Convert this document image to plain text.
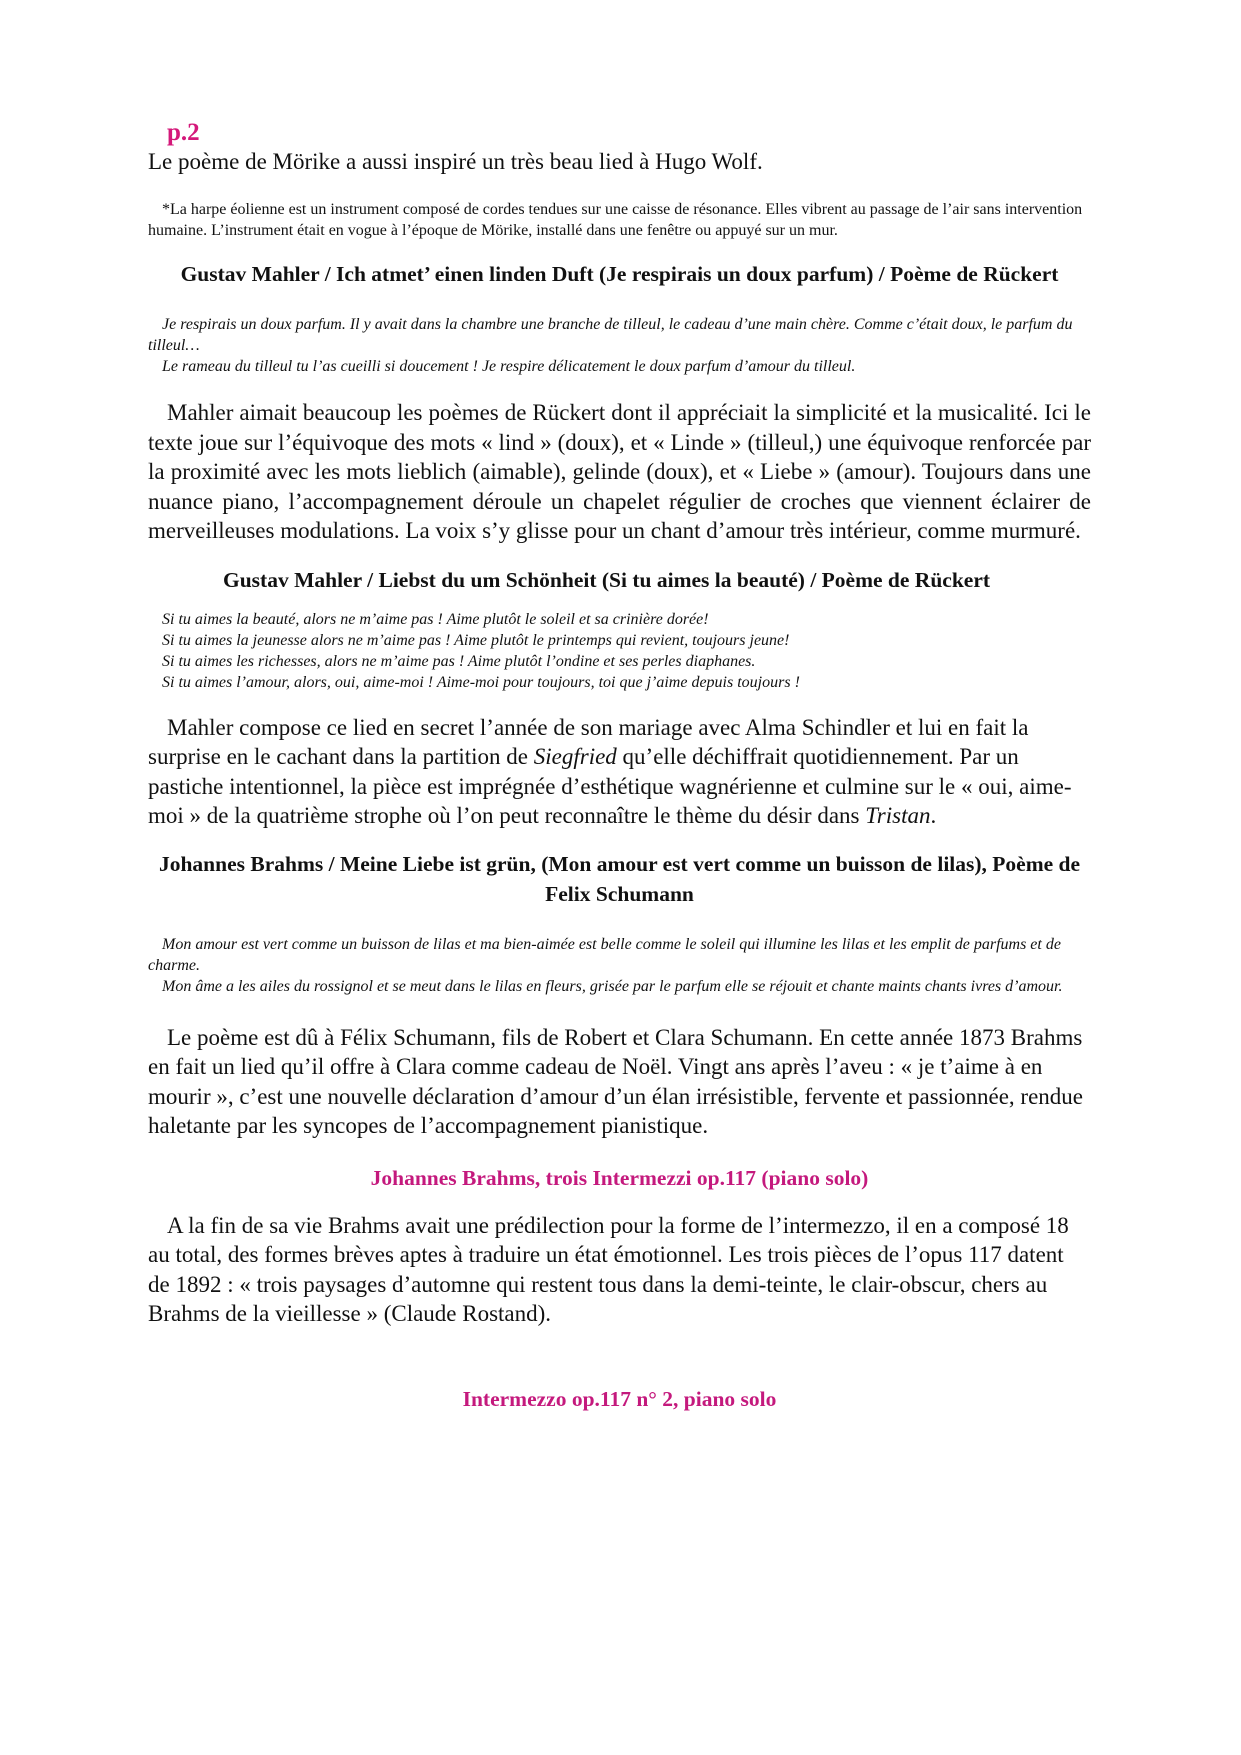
p.2

Le poème de Mörike a aussi inspiré un très beau lied à Hugo Wolf.

*La harpe éolienne est un instrument composé de cordes tendues sur une caisse de résonance. Elles vibrent au passage de l’air sans intervention humaine. L’instrument était en vogue à l’époque de Mörike, installé dans une fenêtre ou appuyé sur un mur.

Gustav Mahler / Ich atmet’ einen linden Duft (Je respirais un doux parfum) / Poème de Rückert

Je respirais un doux parfum. Il y avait dans la chambre une branche de tilleul, le cadeau d’une main chère. Comme c’était doux, le parfum du tilleul…

Le rameau du tilleul tu l’as cueilli si doucement ! Je respire délicatement le doux parfum d’amour du tilleul.

Mahler aimait beaucoup les poèmes de Rückert dont il appréciait la simplicité et la musicalité. Ici le texte joue sur l’équivoque des mots « lind » (doux), et « Linde » (tilleul,) une équivoque renforcée par la proximité avec les mots lieblich (aimable), gelinde (doux), et « Liebe » (amour). Toujours dans une nuance piano, l’accompagnement déroule un chapelet régulier de croches que viennent éclairer de merveilleuses modulations. La voix s’y glisse pour un chant d’amour très intérieur, comme murmuré.

Gustav Mahler / Liebst du um Schönheit (Si tu aimes la beauté) / Poème de Rückert

Si tu aimes la beauté, alors ne m’aime pas ! Aime plutôt le soleil et sa crinière dorée!

Si tu aimes la jeunesse alors ne m’aime pas ! Aime plutôt le printemps qui revient, toujours jeune!

Si tu aimes les richesses, alors ne m’aime pas ! Aime plutôt l’ondine et ses perles diaphanes.

Si tu aimes l’amour, alors, oui, aime-moi ! Aime-moi pour toujours, toi que j’aime depuis toujours !

Mahler compose ce lied en secret l’année de son mariage avec Alma Schindler et lui en fait la surprise en le cachant dans la partition de Siegfried qu’elle déchiffrait quotidiennement. Par un pastiche intentionnel, la pièce est imprégnée d’esthétique wagnérienne et culmine sur le « oui, aime-moi » de la quatrième strophe où l’on peut reconnaître le thème du désir dans Tristan.

Johannes Brahms / Meine Liebe ist grün, (Mon amour est vert comme un buisson de lilas), Poème de Felix Schumann

Mon amour est vert comme un buisson de lilas et ma bien-aimée est belle comme le soleil qui illumine les lilas et les emplit de parfums et de charme.

Mon âme a les ailes du rossignol et se meut dans le lilas en fleurs, grisée par le parfum elle se réjouit et chante maints chants ivres d’amour.

Le poème est dû à Félix Schumann, fils de Robert et Clara Schumann. En cette année 1873 Brahms en fait un lied qu’il offre à Clara comme cadeau de Noël. Vingt ans après l’aveu : « je t’aime à en mourir », c’est une nouvelle déclaration d’amour d’un élan irrésistible, fervente et passionnée, rendue haletante par les syncopes de l’accompagnement pianistique.

Johannes Brahms, trois Intermezzi op.117 (piano solo)

A la fin de sa vie Brahms avait une prédilection pour la forme de l’intermezzo, il en a composé 18 au total, des formes brèves aptes à traduire un état émotionnel. Les trois pièces de l’opus 117 datent de 1892 : « trois paysages d’automne qui restent tous dans la demi-teinte, le clair-obscur, chers au Brahms de la vieillesse » (Claude Rostand).

Intermezzo op.117 n° 2, piano solo
